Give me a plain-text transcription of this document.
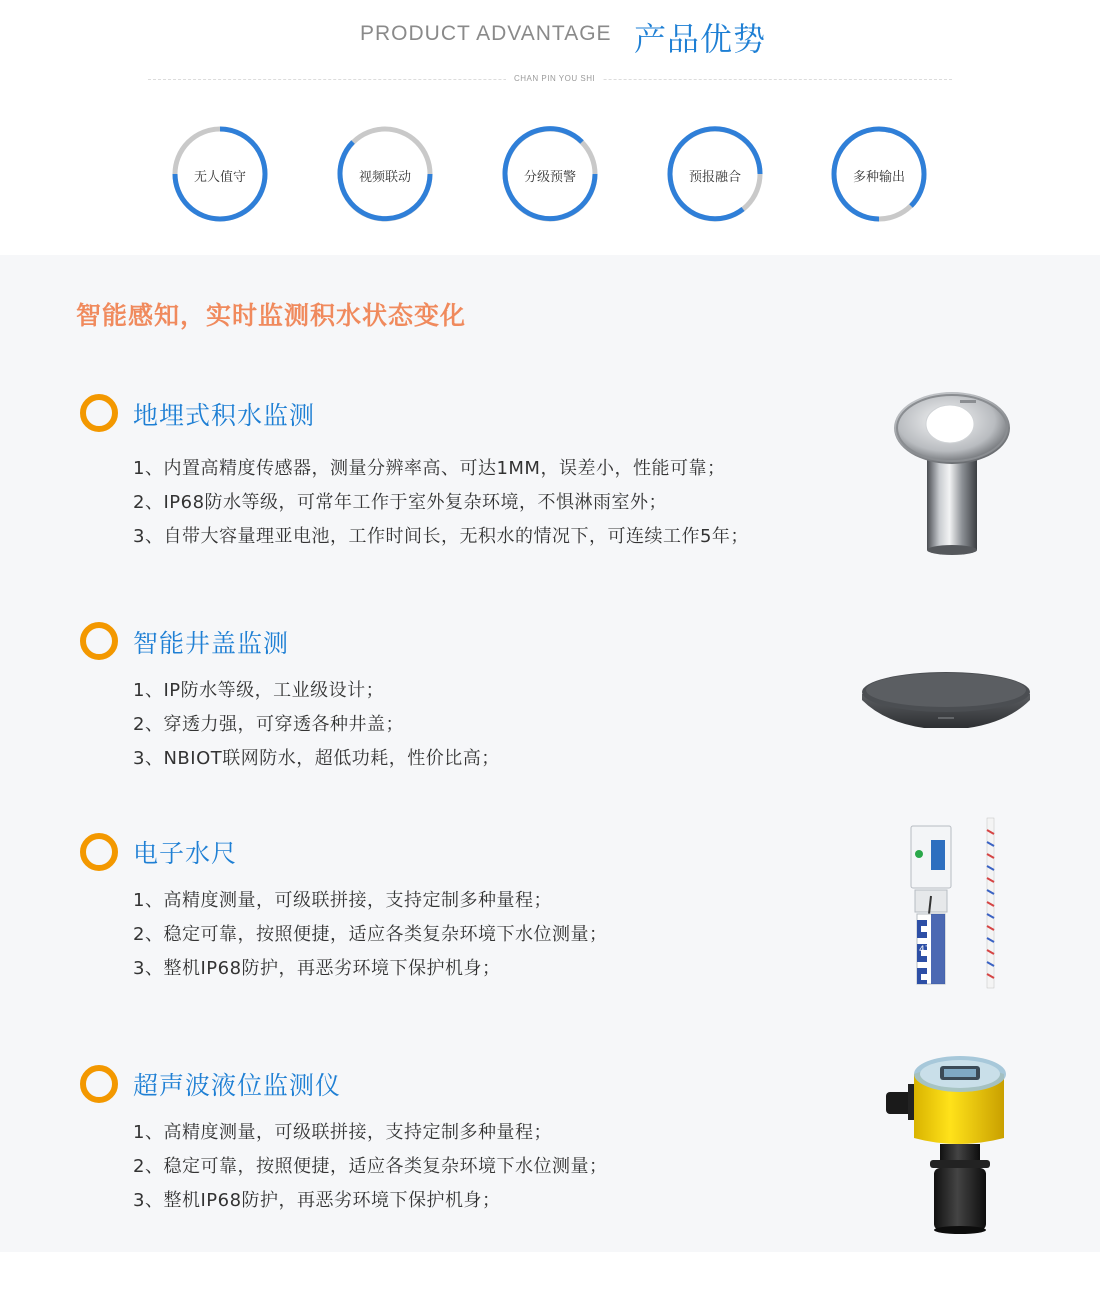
PRODUCT ADVANTAGE 产品优势
CHAN PIN YOU SHI
无人值守	视频联动	分级预警	预报融合	多种输出
智能感知，实时监测积水状态变化
地埋式积水监测
1、内置高精度传感器，测量分辨率高、可达1MM，误差小，性能可靠；
2、IP68防水等级，可常年工作于室外复杂环境，不惧淋雨室外；
3、自带大容量理亚电池，工作时间长，无积水的情况下，可连续工作5年；
智能井盖监测
1、IP防水等级，工业级设计；
2、穿透力强，可穿透各种井盖；
3、NBIOT联网防水，超低功耗，性价比高；
电子水尺
1、高精度测量，可级联拼接，支持定制多种量程；
2、稳定可靠，按照便捷，适应各类复杂环境下水位测量；
3、整机IP68防护，再恶劣环境下保护机身；
47
超声波液位监测仪
1、高精度测量，可级联拼接，支持定制多种量程；
2、稳定可靠，按照便捷，适应各类复杂环境下水位测量；
3、整机IP68防护，再恶劣环境下保护机身；
